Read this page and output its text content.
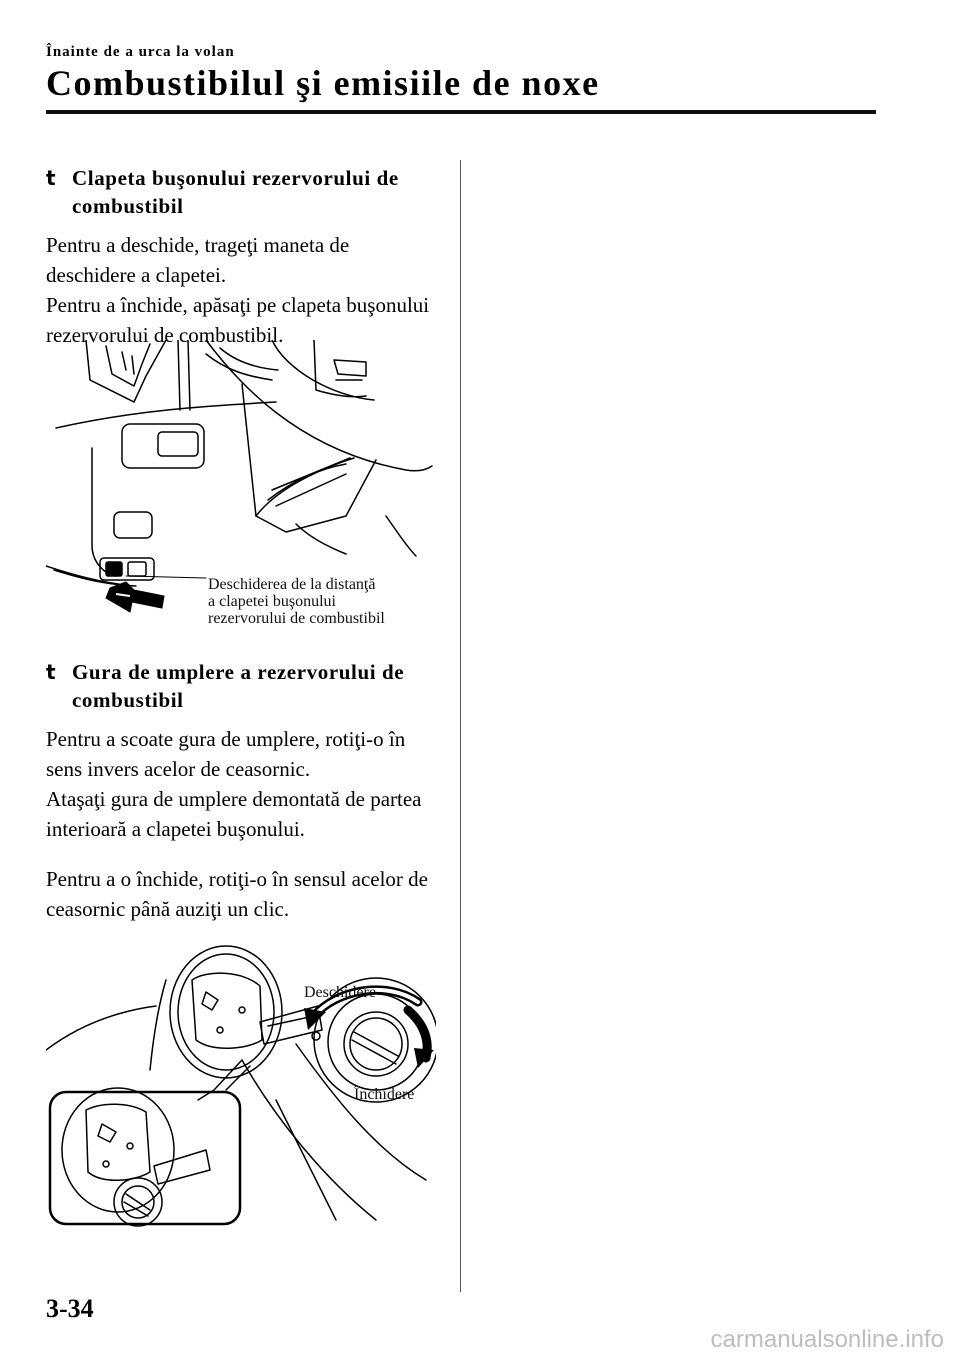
Înainte de a urca la volan
Combustibilul şi emisiile de noxe
t Clapeta buşonului rezervorului de
combustibil

Pentru a deschide, trageţi maneta de deschidere a clapetei.

Pentru a închide, apăsaţi pe clapeta buşonului rezervorului de combustibil.

Deschiderea de la distanţă
a clapetei buşonului
rezervorului de combustibil
t Gura de umplere a rezervorului de
combustibil

Pentru a scoate gura de umplere, rotiţi-o în sens invers acelor de ceasornic.

Ataşaţi gura de umplere demontată de partea interioară a clapetei buşonului.

Pentru a o închide, rotiţi-o în sensul acelor de ceasornic până auziţi un clic.

Deschidere
Închidere
3-34
carmanualsonline.info
